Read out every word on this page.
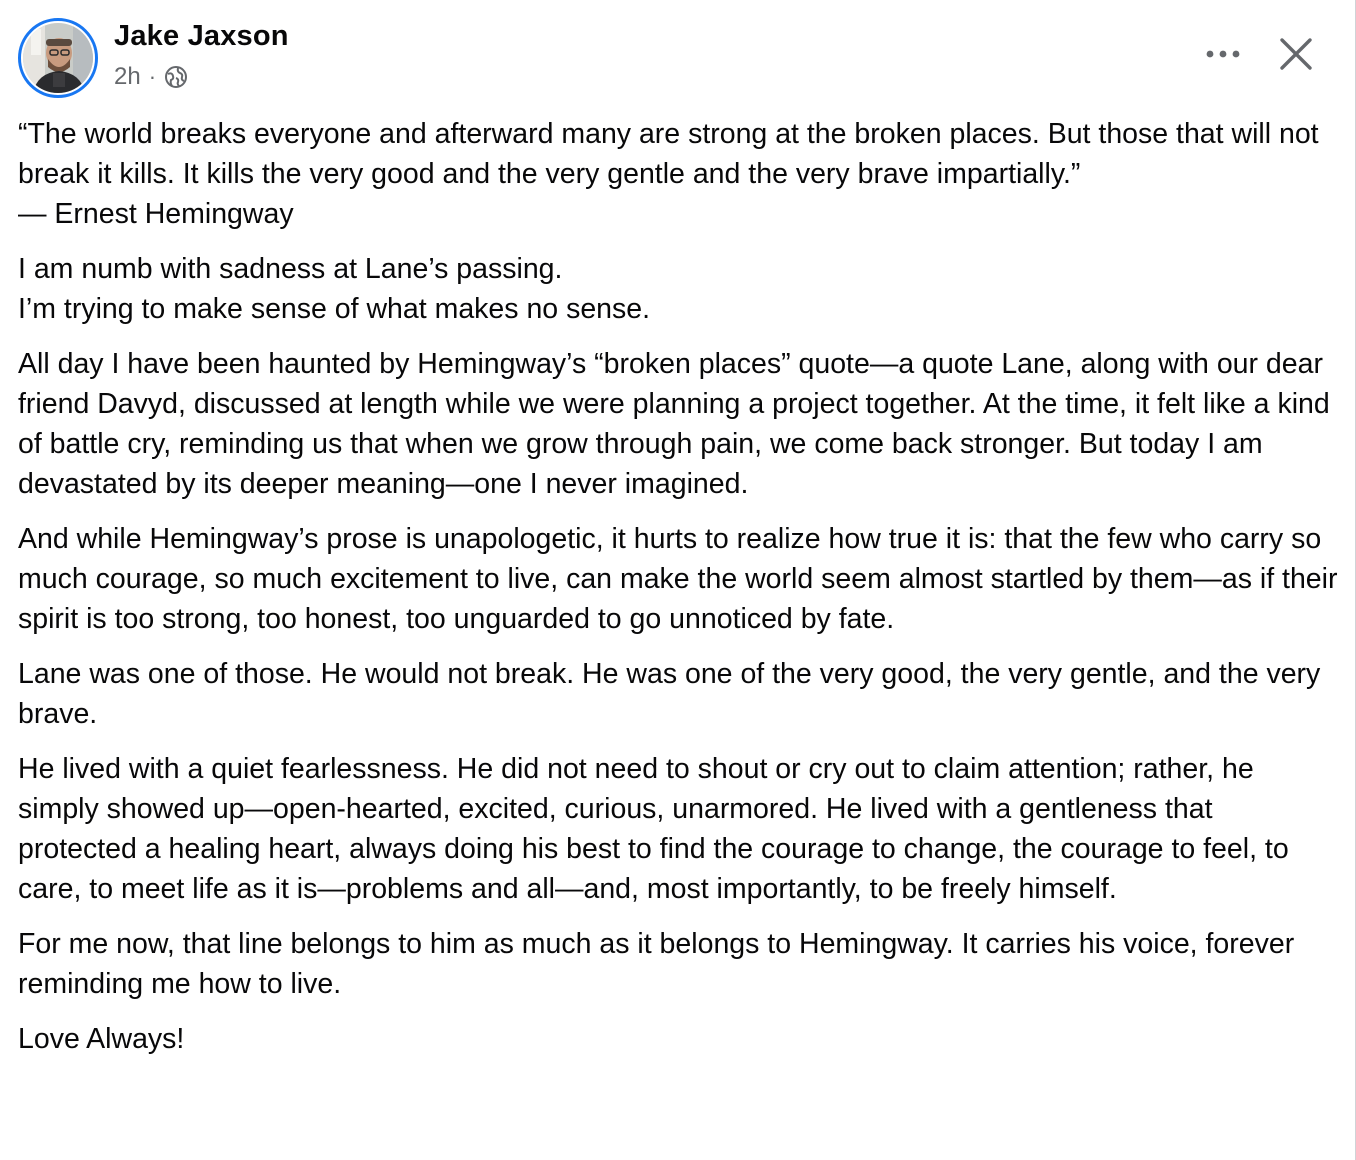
Jake Jaxson
2h ·

“The world breaks everyone and afterward many are strong at the broken places. But those that will not break it kills. It kills the very good and the very gentle and the very brave impartially.”
— Ernest Hemingway

I am numb with sadness at Lane’s passing.
I’m trying to make sense of what makes no sense.

All day I have been haunted by Hemingway’s “broken places” quote—a quote Lane, along with our dear friend Davyd, discussed at length while we were planning a project together. At the time, it felt like a kind of battle cry, reminding us that when we grow through pain, we come back stronger. But today I am devastated by its deeper meaning—one I never imagined.

And while Hemingway’s prose is unapologetic, it hurts to realize how true it is: that the few who carry so much courage, so much excitement to live, can make the world seem almost startled by them—as if their spirit is too strong, too honest, too unguarded to go unnoticed by fate.

Lane was one of those. He would not break. He was one of the very good, the very gentle, and the very brave.

He lived with a quiet fearlessness. He did not need to shout or cry out to claim attention; rather, he simply showed up—open-hearted, excited, curious, unarmored. He lived with a gentleness that protected a healing heart, always doing his best to find the courage to change, the courage to feel, to care, to meet life as it is—problems and all—and, most importantly, to be freely himself.

For me now, that line belongs to him as much as it belongs to Hemingway. It carries his voice, forever reminding me how to live.

Love Always!
